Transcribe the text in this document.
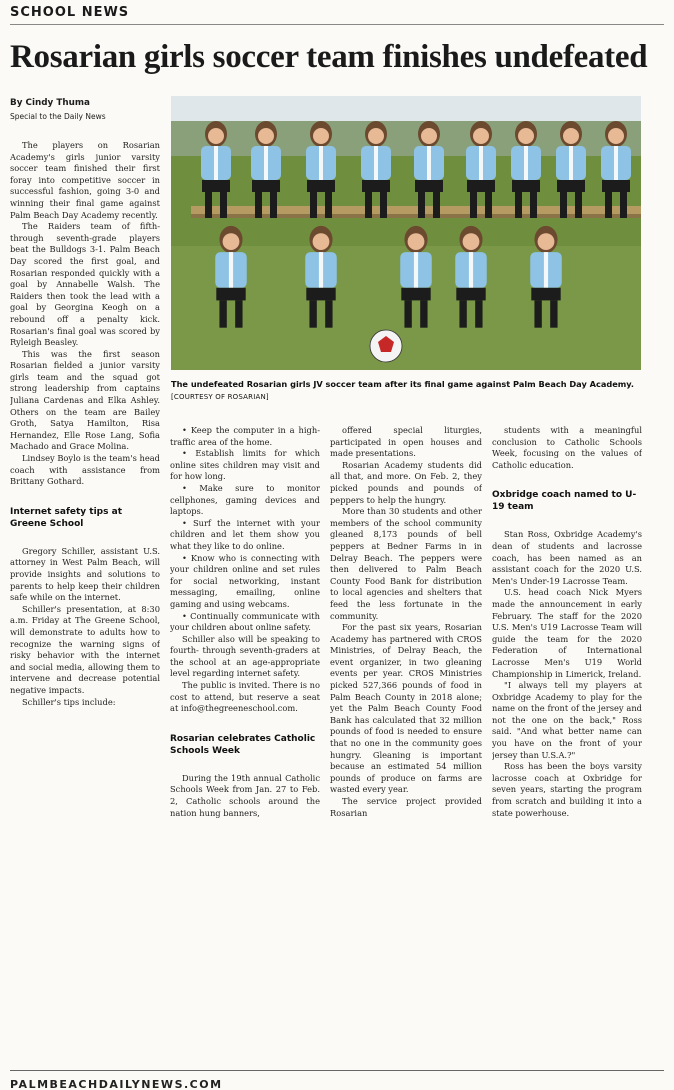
SCHOOL NEWS
Rosarian girls soccer team finishes undefeated
By Cindy Thuma
Special to the Daily News

The players on Rosarian Academy's girls junior varsity soccer team finished their first foray into competitive soccer in successful fashion, going 3-0 and winning their final game against Palm Beach Day Academy recently.

The Raiders team of fifth- through seventh-grade players beat the Bulldogs 3-1. Palm Beach Day scored the first goal, and Rosarian responded quickly with a goal by Annabelle Walsh. The Raiders then took the lead with a goal by Georgina Keogh on a rebound off a penalty kick. Rosarian's final goal was scored by Ryleigh Beasley.

This was the first season Rosarian fielded a junior varsity girls team and the squad got strong leadership from captains Juliana Cardenas and Elka Ashley. Others on the team are Bailey Groth, Satya Hamilton, Risa Hernandez, Elle Rose Lang, Sofia Machado and Grace Molina.

Lindsey Boylo is the team's head coach with assistance from Brittany Gothard.

Internet safety tips at Greene School

Gregory Schiller, assistant U.S. attorney in West Palm Beach, will provide insights and solutions to parents to help keep their children safe while on the internet.

Schiller's presentation, at 8:30 a.m. Friday at The Greene School, will demonstrate to adults how to recognize the warning signs of risky behavior with the internet and social media, allowing them to intervene and decrease potential negative impacts.

Schiller's tips include:

The undefeated Rosarian girls JV soccer team after its final game against Palm Beach Day Academy. [COURTESY OF ROSARIAN]

• Keep the computer in a high-traffic area of the home.

• Establish limits for which online sites children may visit and for how long.

• Make sure to monitor cellphones, gaming devices and laptops.

• Surf the internet with your children and let them show you what they like to do online.

• Know who is connecting with your children online and set rules for social networking, instant messaging, emailing, online gaming and using webcams.

• Continually communicate with your children about online safety.

Schiller also will be speaking to fourth- through seventh-graders at the school at an age-appropriate level regarding internet safety.

The public is invited. There is no cost to attend, but reserve a seat at info@thegreeneschool.com.

Rosarian celebrates Catholic Schools Week

During the 19th annual Catholic Schools Week from Jan. 27 to Feb. 2, Catholic schools around the nation hung banners,

offered special liturgies, participated in open houses and made presentations.

Rosarian Academy students did all that, and more. On Feb. 2, they picked pounds and pounds of peppers to help the hungry.

More than 30 students and other members of the school community gleaned 8,173 pounds of bell peppers at Bedner Farms in in Delray Beach. The peppers were then delivered to Palm Beach County Food Bank for distribution to local agencies and shelters that feed the less fortunate in the community.

For the past six years, Rosarian Academy has partnered with CROS Ministries, of Delray Beach, the event organizer, in two gleaning events per year. CROS Ministries picked 527,366 pounds of food in Palm Beach County in 2018 alone; yet the Palm Beach County Food Bank has calculated that 32 million pounds of food is needed to ensure that no one in the community goes hungry. Gleaning is important because an estimated 54 million pounds of produce on farms are wasted every year.

The service project provided Rosarian

students with a meaningful conclusion to Catholic Schools Week, focusing on the values of Catholic education.

Oxbridge coach named to U-19 team

Stan Ross, Oxbridge Academy's dean of students and lacrosse coach, has been named as an assistant coach for the 2020 U.S. Men's Under-19 Lacrosse Team.

U.S. head coach Nick Myers made the announcement in early February. The staff for the 2020 U.S. Men's U19 Lacrosse Team will guide the team for the 2020 Federation of International Lacrosse Men's U19 World Championship in Limerick, Ireland.

"I always tell my players at Oxbridge Academy to play for the name on the front of the jersey and not the one on the back," Ross said. "And what better name can you have on the front of your jersey than U.S.A.?"

Ross has been the boys varsity lacrosse coach at Oxbridge for seven years, starting the program from scratch and building it into a state powerhouse.

PALMBEACHDAILYNEWS.COM
